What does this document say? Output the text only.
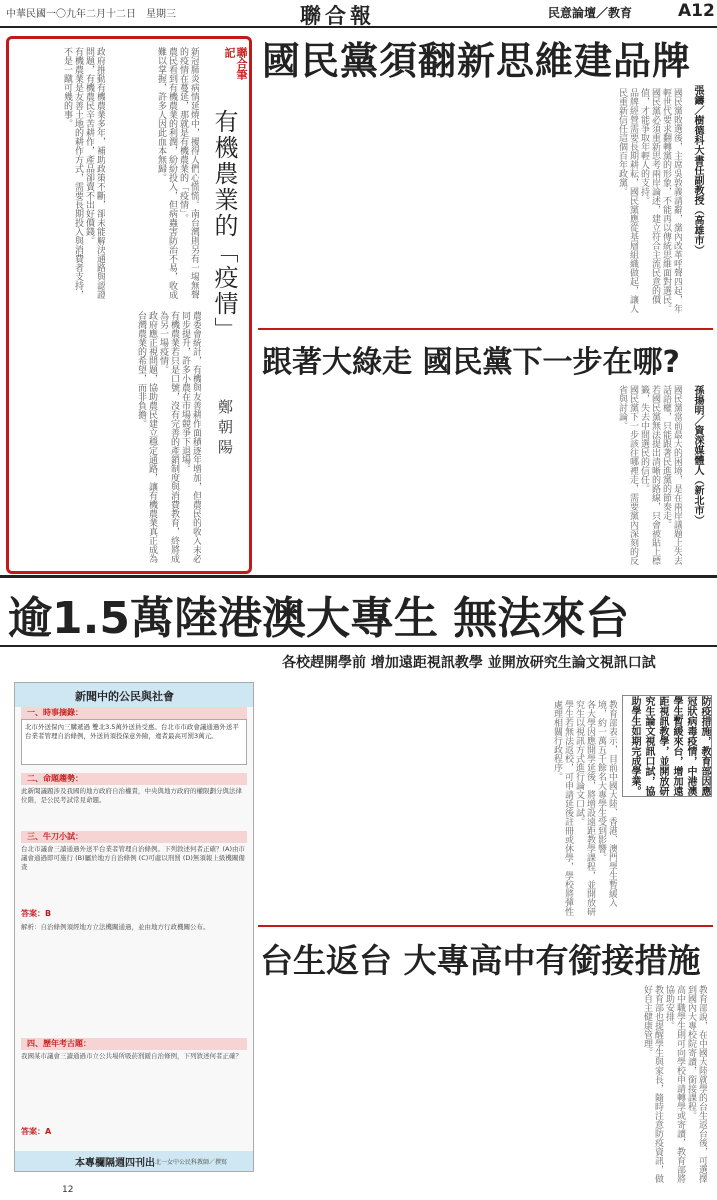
中華民國一〇九年二月十二日　星期三	聯合報	民意論壇／教育	A12
聯合筆記
有機農業的「疫情」
鄭朝陽

新冠肺炎病情延燒中，擾得人們心慌慌。南台灣則另有一場無聲的疫情在蔓延，那就是有機農業的「疫情」。

農民看到有機農業的利潤，紛紛投入，但病蟲害防治不易，收成難以掌握，許多人因此血本無歸。

政府推動有機農業多年，補助政策不斷，卻未能解決通路與認證問題，有機農民辛苦耕作，產品卻賣不出好價錢。

有機農業是友善土地的耕作方式，需要長期投入與消費者支持，不是一蹴可幾的事。

農委會統計，有機與友善耕作面積逐年增加，但農民的收入未必同步提升，許多小農在市場競爭下退場。

有機農業若只是口號，沒有完善的產銷制度與消費教育，終將成為另一場疫情。

政府應正視問題，協助農民建立穩定通路，讓有機農業真正成為台灣農業的希望，而非負擔。

國民黨須翻新思維建品牌
張鑄／樹德科大書任副教授（高雄市）

國民黨敗選後，主席吳敦義請辭，黨內改革呼聲四起，年輕世代要求翻轉黨的形象，不能再以傳統思維面對選民。

國民黨必須重新思考兩岸論述，建立符合主流民意的價值，才能爭取年輕人的支持。

品牌經營需要長期耕耘，國民黨應從基層組織做起，讓人民重新信任這個百年政黨。

跟著大綠走 國民黨下一步在哪?
孫揚明／資深媒體人（新北市）

國民黨當前最大的困境，是在兩岸議題上失去話語權，只能跟著民進黨的節奏走。

若國民黨無法提出清晰的路線，只會被貼上標籤，失去中間選民的信任。

國民黨下一步該往哪裡走，需要黨內深刻的反省與討論。

逾1.5萬陸港澳大專生 無法來台
各校趕開學前 增加遠距視訊教學 並開放研究生論文視訊口試
防疫措施，教育部因應冠狀病毒疫情，中港澳學生暫緩來台，增加遠距視訊教學，並開放研究生論文視訊口試，協助學生如期完成學業。

教育部表示，目前中國大陸、香港、澳門學生暫緩入境，約一萬五千餘名大專學生受到影響。

各大學因應開學延後，將增設遠距教學課程，並開放研究生以視訊方式進行論文口試。

學生若無法返校，可申請延後註冊或休學，學校將彈性處理相關行政程序。

台生返台 大專高中有銜接措施

教育部說，在中國大陸就學的台生返台後，可選擇到國內大專校院寄讀，銜接課程。

高中職學生則可向學校申請轉學或寄讀，教育部將協助安排。

教育部也提醒學生與家長，隨時注意防疫資訊，做好自主健康管理。

新聞中的公民與社會
一、時事摘錄：
北市外送保內三購遞過 雙北3.5萬外送員受惠。台北市市政會議通過外送平台業者管理自治條例，外送員須投保意外險，違者最高可罰3萬元。
二、命題趨勢：
此新聞議題涉及我國的地方政府自治權責，中央與地方政府的權限劃分與法律位階，是公民考試常見命題。
三、牛刀小試：
台北市議會三讀通過外送平台業者管理自治條例。下列敘述何者正確？(A)由市議會通過即可施行 (B)屬於地方自治條例 (C)可處以刑罰 (D)無須報上級機關備查
答案：B
解析：自治條例須經地方立法機關通過，並由地方行政機關公布。
四、歷年考古題：
我國某市議會三讀通過市立公共場所吸菸罰鍰自治條例，下列敘述何者正確？
答案：A
本專欄隔週四刊出 北一女中公民科教師／撰寫
12
